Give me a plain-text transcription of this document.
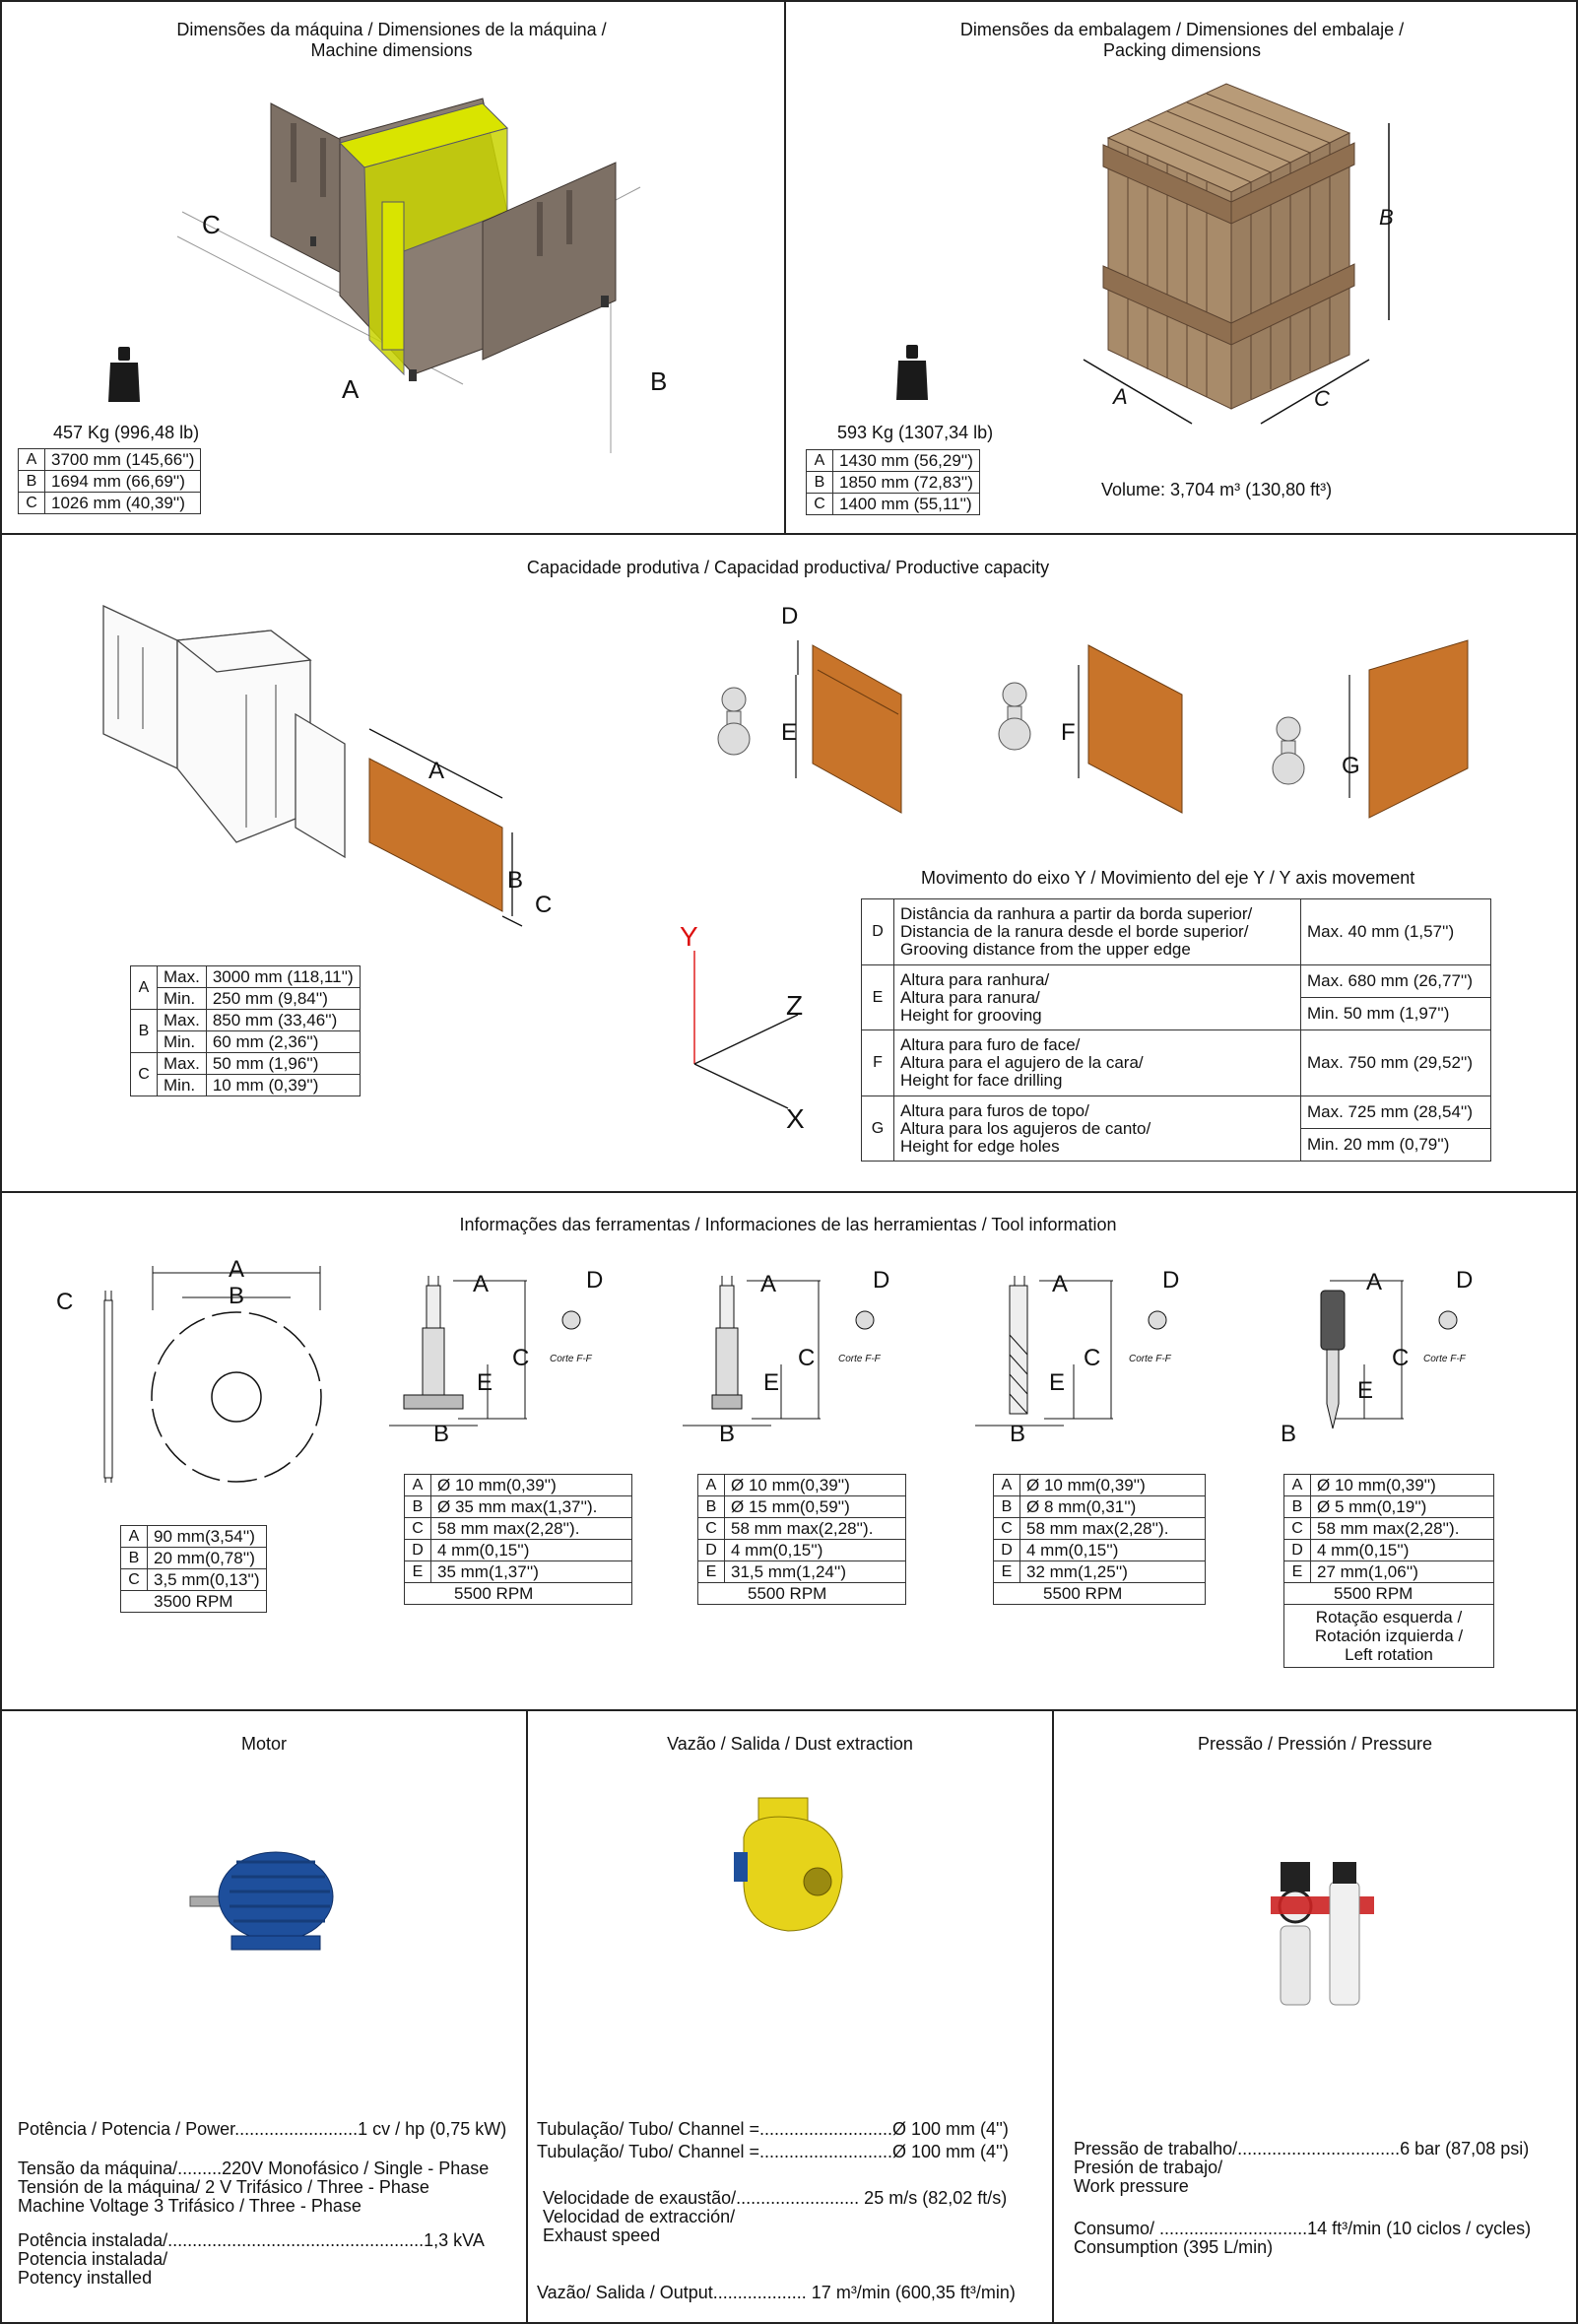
Dimensões da máquina / Dimensiones de la máquina /
Machine dimensions
C
A	B
457 Kg (996,48 lb)
A	3700 mm (145,66'')
B	1694 mm (66,69'')
C	1026 mm (40,39'')
Dimensões da embalagem / Dimensiones del embalaje /
Packing dimensions
B
A	C
593 Kg (1307,34 lb)
A	1430 mm (56,29'')
B	1850 mm (72,83'')
C	1400 mm (55,11'')
Volume: 3,704 m³ (130,80 ft³)
Capacidade produtiva / Capacidad productiva/ Productive capacity
A
B
C
A	Max.	3000 mm (118,11'')
	Min.	250 mm (9,84'')
B	Max.	850 mm (33,46'')
	Min.	60 mm (2,36'')
C	Max.	50 mm (1,96'')
	Min.	10 mm (0,39'')
D
E	F
G
Y
Z
X
Movimento do eixo Y / Movimiento del eje Y / Y axis movement
D	Distância da ranhura a partir da borda superior/
Distancia de la ranura desde el borde superior/
Grooving distance from the upper edge	Max. 40 mm (1,57'')
E	Altura para ranhura/
Altura para ranura/
Height for grooving	Max. 680 mm (26,77'')
		Min. 50 mm (1,97'')
F	Altura para furo de face/
Altura para el agujero de la cara/
Height for face drilling	Max. 750 mm (29,52'')
G	Altura para furos de topo/
Altura para los agujeros de canto/
Height for edge holes	Max. 725 mm (28,54'')
		Min. 20 mm (0,79'')
Informações das ferramentas / Informaciones de las herramientas / Tool information
A
B
C
A	90 mm(3,54'')
B	20 mm(0,78'')
C	3,5 mm(0,13'')
3500 RPM	
A	D
C
E
B
Corte F-F
A	D
C
E
B
Corte F-F
A	D
C
E
B
Corte F-F
A	D
C
E
B
Corte F-F
A	Ø 10 mm(0,39'')
B	Ø 35 mm max(1,37'').
C	58 mm max(2,28'').
D	4 mm(0,15'')
E	35 mm(1,37'')
5500 RPM	
A	Ø 10 mm(0,39'')
B	Ø 15 mm(0,59'')
C	58 mm max(2,28'').
D	4 mm(0,15'')
E	31,5 mm(1,24'')
5500 RPM	
A	Ø 10 mm(0,39'')
B	Ø 8 mm(0,31'')
C	58 mm max(2,28'').
D	4 mm(0,15'')
E	32 mm(1,25'')
5500 RPM	
A	Ø 10 mm(0,39'')
B	Ø 5 mm(0,19'')
C	58 mm max(2,28'').
D	4 mm(0,15'')
E	27 mm(1,06'')
5500 RPM	
Rotação esquerda /
Rotación izquierda /
Left rotation	
Motor
Potência / Potencia / Power.........................1 cv / hp (0,75 kW)
Tensão da máquina/.........220V Monofásico / Single - Phase
Tensión de la máquina/ 2 V Trifásico / Three - Phase
Machine Voltage 3 Trifásico / Three - Phase
Potência instalada/....................................................1,3 kVA
Potencia instalada/
Potency installed
Vazão / Salida / Dust extraction
Tubulação/ Tubo/ Channel =...........................Ø 100 mm (4'')
Tubulação/ Tubo/ Channel =...........................Ø 100 mm (4'')
Velocidade de exaustão/......................... 25 m/s (82,02 ft/s)
Velocidad de extracción/
Exhaust speed
Vazão/ Salida / Output................... 17 m³/min (600,35 ft³/min)
Pressão / Pressión / Pressure
Pressão de trabalho/.................................6 bar (87,08 psi)
Presión de trabajo/
Work pressure
Consumo/ ..............................14 ft³/min (10 ciclos / cycles)
Consumption (395 L/min)
